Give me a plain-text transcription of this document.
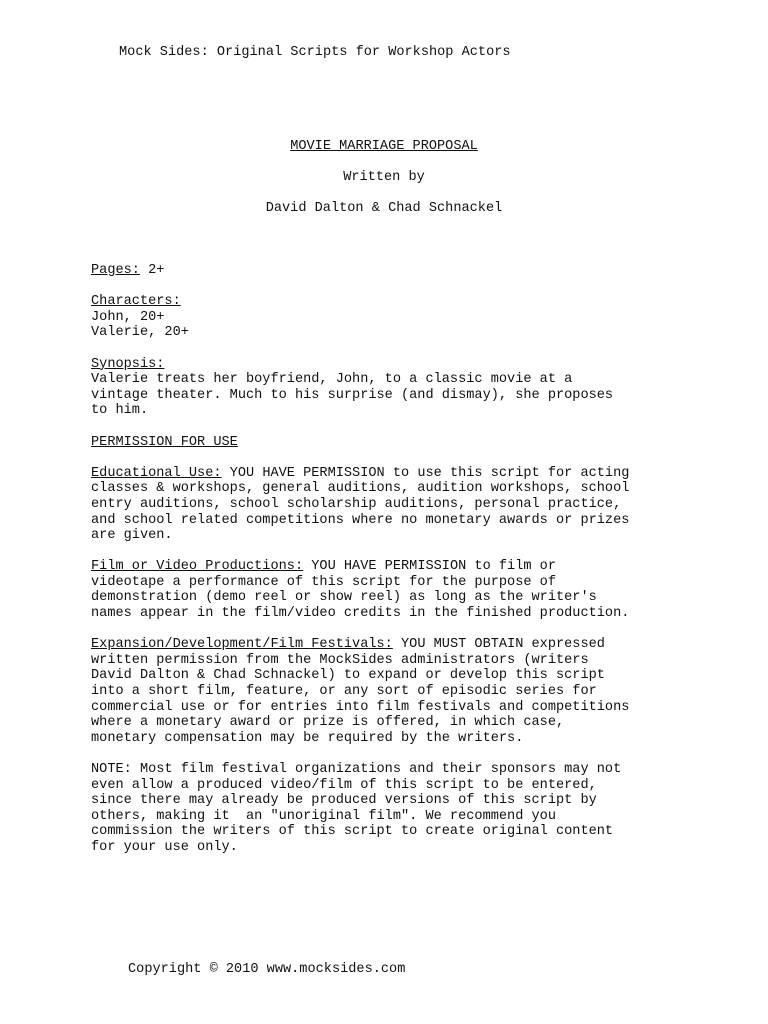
Mock Sides: Original Scripts for Workshop Actors
MOVIE MARRIAGE PROPOSAL
Written by
David Dalton & Chad Schnackel
Pages: 2+
Characters:
John, 20+
Valerie, 20+
Synopsis:
Valerie treats her boyfriend, John, to a classic movie at a
vintage theater. Much to his surprise (and dismay), she proposes
to him.
PERMISSION FOR USE
Educational Use: YOU HAVE PERMISSION to use this script for acting
classes & workshops, general auditions, audition workshops, school
entry auditions, school scholarship auditions, personal practice,
and school related competitions where no monetary awards or prizes
are given.
Film or Video Productions: YOU HAVE PERMISSION to film or
videotape a performance of this script for the purpose of
demonstration (demo reel or show reel) as long as the writer's
names appear in the film/video credits in the finished production.
Expansion/Development/Film Festivals: YOU MUST OBTAIN expressed
written permission from the MockSides administrators (writers
David Dalton & Chad Schnackel) to expand or develop this script
into a short film, feature, or any sort of episodic series for
commercial use or for entries into film festivals and competitions
where a monetary award or prize is offered, in which case,
monetary compensation may be required by the writers.
NOTE: Most film festival organizations and their sponsors may not
even allow a produced video/film of this script to be entered,
since there may already be produced versions of this script by
others, making it  an "unoriginal film". We recommend you
commission the writers of this script to create original content
for your use only.
Copyright © 2010 www.mocksides.com
